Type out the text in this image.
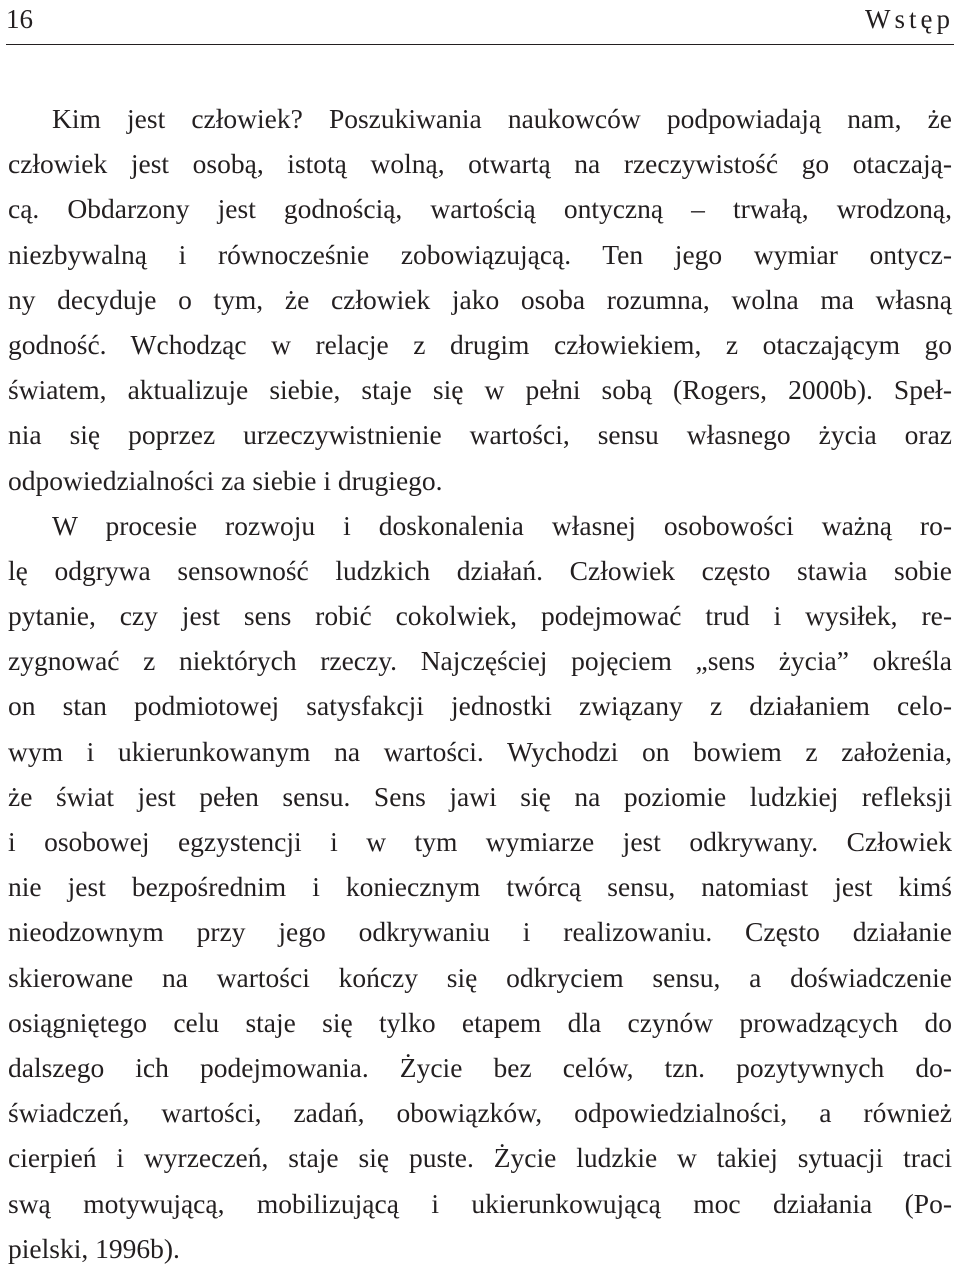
16	Wstęp
Kim jest człowiek? Poszukiwania naukowców podpowiadają nam, że
człowiek jest osobą, istotą wolną, otwartą na rzeczywistość go otaczają-
cą. Obdarzony jest godnością, wartością ontyczną – trwałą, wrodzoną,
niezbywalną i równocześnie zobowiązującą. Ten jego wymiar ontycz-
ny decyduje o tym, że człowiek jako osoba rozumna, wolna ma własną
godność. Wchodząc w relacje z drugim człowiekiem, z otaczającym go
światem, aktualizuje siebie, staje się w pełni sobą (Rogers, 2000b). Speł-
nia się poprzez urzeczywistnienie wartości, sensu własnego życia oraz
odpowiedzialności za siebie i drugiego.
W procesie rozwoju i doskonalenia własnej osobowości ważną ro-
lę odgrywa sensowność ludzkich działań. Człowiek często stawia sobie
pytanie, czy jest sens robić cokolwiek, podejmować trud i wysiłek, re-
zygnować z niektórych rzeczy. Najczęściej pojęciem „sens życia” określa
on stan podmiotowej satysfakcji jednostki związany z działaniem celo-
wym i ukierunkowanym na wartości. Wychodzi on bowiem z założenia,
że świat jest pełen sensu. Sens jawi się na poziomie ludzkiej refleksji
i osobowej egzystencji i w tym wymiarze jest odkrywany. Człowiek
nie jest bezpośrednim i koniecznym twórcą sensu, natomiast jest kimś
nieodzownym przy jego odkrywaniu i realizowaniu. Często działanie
skierowane na wartości kończy się odkryciem sensu, a doświadczenie
osiągniętego celu staje się tylko etapem dla czynów prowadzących do
dalszego ich podejmowania. Życie bez celów, tzn. pozytywnych do-
świadczeń, wartości, zadań, obowiązków, odpowiedzialności, a również
cierpień i wyrzeczeń, staje się puste. Życie ludzkie w takiej sytuacji traci
swą motywującą, mobilizującą i ukierunkowującą moc działania (Po-
pielski, 1996b).
